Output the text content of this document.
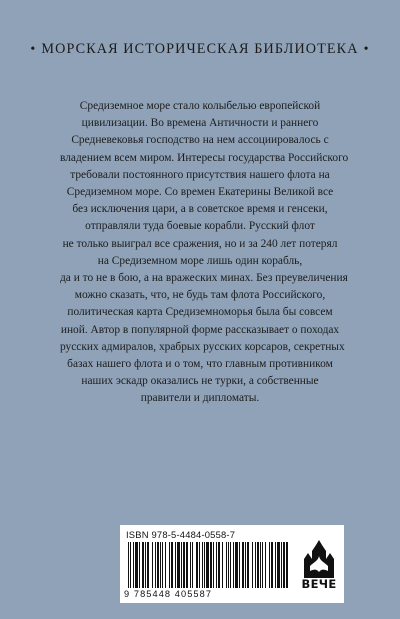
• МОРСКАЯ ИСТОРИЧЕСКАЯ БИБЛИОТЕКА •
Средиземное море стало колыбелью европейской
цивилизации. Во времена Античности и раннего
Средневековья господство на нем ассоциировалось с
владением всем миром. Интересы государства Российского
требовали постоянного присутствия нашего флота на
Средиземном море. Со времен Екатерины Великой все
без исключения цари, а в советское время и генсеки,
отправляли туда боевые корабли. Русский флот
не только выиграл все сражения, но и за 240 лет потерял
на Средиземном море лишь один корабль,
да и то не в бою, а на вражеских минах. Без преувеличения
можно сказать, что, не будь там флота Российского,
политическая карта Средиземноморья была бы совсем
иной. Автор в популярной форме рассказывает о походах
русских адмиралов, храбрых русских корсаров, секретных
базах нашего флота и о том, что главным противником
наших эскадр оказались не турки, а собственные
правители и дипломаты.
ISBN 978-5-4484-0558-7
9 785448 405587
ВЕЧЕ
